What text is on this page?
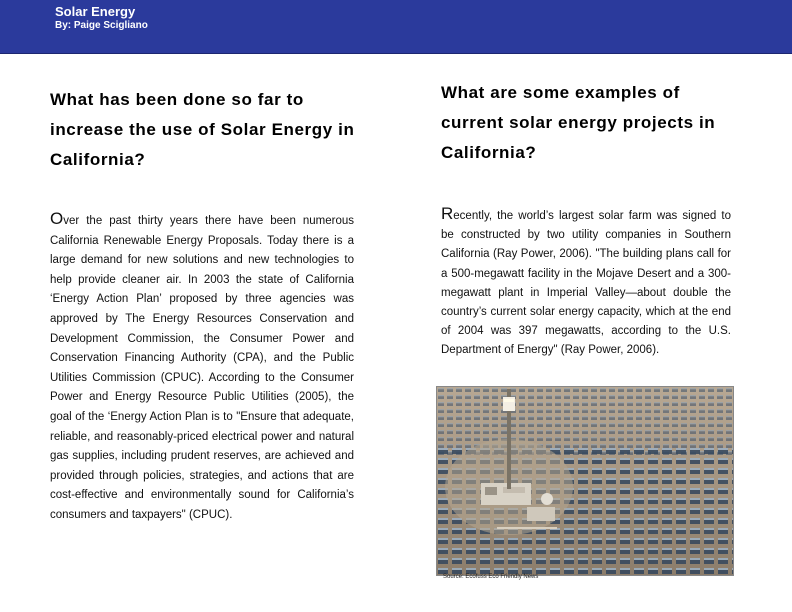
Solar Energy
By: Paige Scigliano
What has been done so far to increase the use of Solar Energy in California?

Over the past thirty years there have been numerous California Renewable Energy Proposals. Today there is a large demand for new solutions and new technologies to help provide cleaner air. In 2003 the state of California ‘Energy Action Plan’ proposed by three agencies was approved by The Energy Resources Conservation and Development Commission, the Consumer Power and Conservation Financing Authority (CPA), and the Public Utilities Commission (CPUC). According to the Consumer Power and Energy Resource Public Utilities (2005), the goal of the ‘Energy Action Plan is to "Ensure that adequate, reliable, and reasonably-priced electrical power and natural gas supplies, including prudent reserves, are achieved and provided through policies, strategies, and actions that are cost-effective and environmentally sound for California’s consumers and taxpayers" (CPUC).

What are some examples of current solar energy projects in California?

Recently, the world’s largest solar farm was signed to be constructed by two utility companies in Southern California (Ray Power, 2006). "The building plans call for a 500-megawatt facility in the Mojave Desert and a 300-megawatt plant in Imperial Valley—about double the country’s current solar energy capacity, which at the end of 2004 was 397 megawatts, according to the U.S. Department of Energy" (Ray Power, 2006).

Source: Ecofuss Eco Friendly News
